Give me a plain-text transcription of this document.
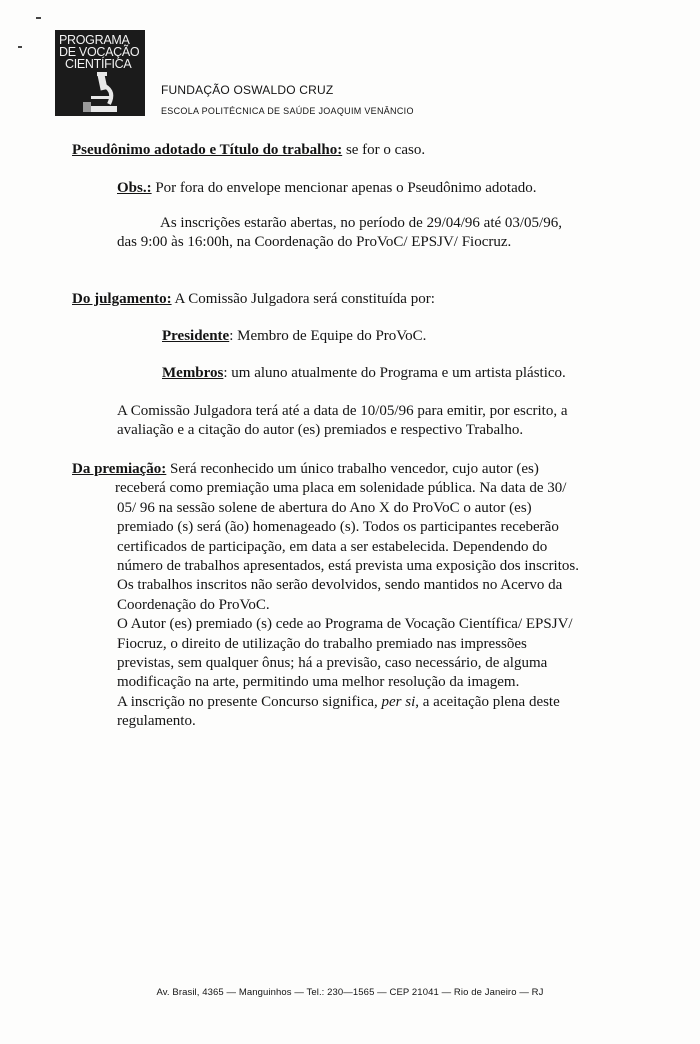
PROGRAMA
DE VOCAÇÃO
CIENTÍFICA
FUNDAÇÃO OSWALDO CRUZ
ESCOLA POLITÉCNICA DE SAÚDE JOAQUIM VENÂNCIO

Pseudônimo adotado e Título do trabalho: se for o caso.

Obs.: Por fora do envelope mencionar apenas o Pseudônimo adotado.

As inscrições estarão abertas, no período de 29/04/96 até 03/05/96,
das 9:00 às 16:00h, na Coordenação do ProVoC/ EPSJV/ Fiocruz.

Do julgamento: A Comissão Julgadora será constituída por:

Presidente: Membro de Equipe do ProVoC.

Membros: um aluno atualmente do Programa e um artista plástico.

A Comissão Julgadora terá até a data de 10/05/96 para emitir, por escrito, a
avaliação e a citação do autor (es) premiados e respectivo Trabalho.
Da premiação: Será reconhecido um único trabalho vencedor, cujo autor (es)
receberá como premiação uma placa em solenidade pública. Na data de 30/
05/ 96 na sessão solene de abertura do Ano X do ProVoC o autor (es)
premiado (s) será (ão) homenageado (s). Todos os participantes receberão
certificados de participação, em data a ser estabelecida. Dependendo do
número de trabalhos apresentados, está prevista uma exposição dos inscritos.
Os trabalhos inscritos não serão devolvidos, sendo mantidos no Acervo da
Coordenação do ProVoC.
O Autor (es) premiado (s) cede ao Programa de Vocação Científica/ EPSJV/
Fiocruz, o direito de utilização do trabalho premiado nas impressões
previstas, sem qualquer ônus; há a previsão, caso necessário, de alguma
modificação na arte, permitindo uma melhor resolução da imagem.
A inscrição no presente Concurso significa, per si, a aceitação plena deste
regulamento.
Av. Brasil, 4365 — Manguinhos — Tel.: 230—1565 — CEP 21041 — Rio de Janeiro — RJ
